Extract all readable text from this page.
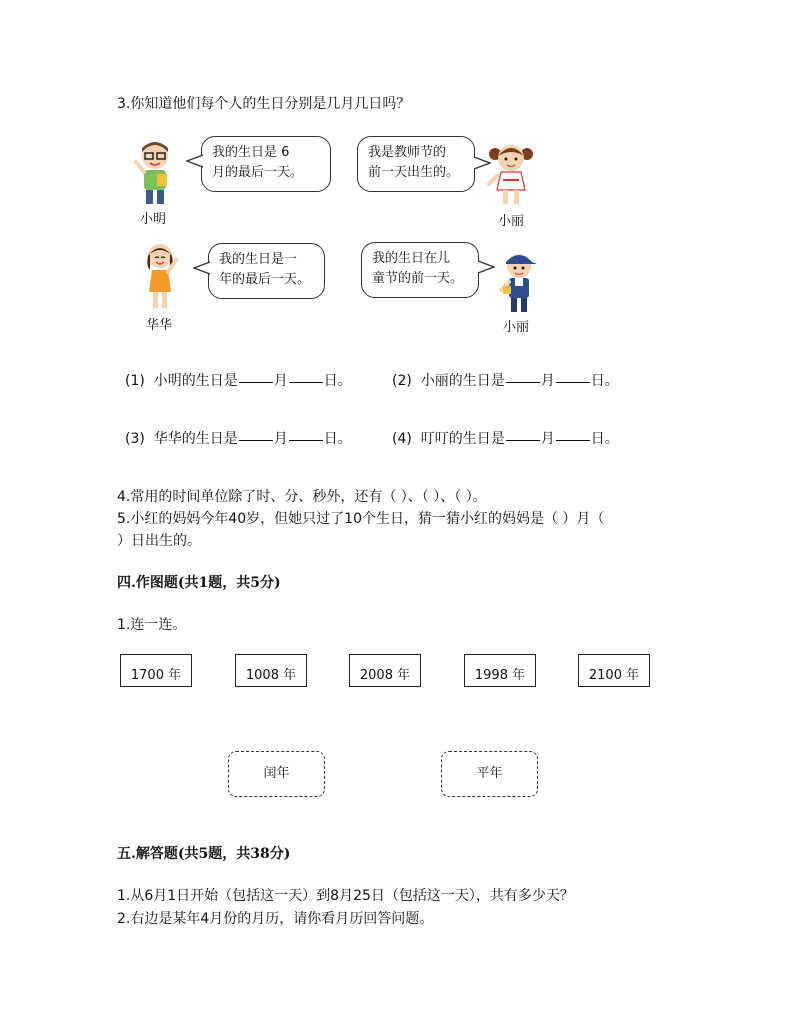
3.你知道他们每个人的生日分别是几月几日吗？
小明
我的生日是 6
月的最后一天。
我是教师节的
前一天出生的。
小丽
华华
我的生日是一
年的最后一天。
我的生日在儿
童节的前一天。
小丽
(1) 小明的生日是	月	日。	(2) 小丽的生日是	月	日。
(3) 华华的生日是	月	日。	(4) 叮叮的生日是	月	日。
4.常用的时间单位除了时、分、秒外，还有（ ）、（ ）、（ ）。
5.小红的妈妈今年40岁，但她只过了10个生日，猜一猜小红的妈妈是（ ）月（
）日出生的。
四.作图题(共1题，共5分)
1.连一连。
1700 年	1008 年	2008 年	1998 年	2100 年
闰年	平年
五.解答题(共5题，共38分)
1.从6月1日开始（包括这一天）到8月25日（包括这一天），共有多少天？
2.右边是某年4月份的月历，请你看月历回答问题。
